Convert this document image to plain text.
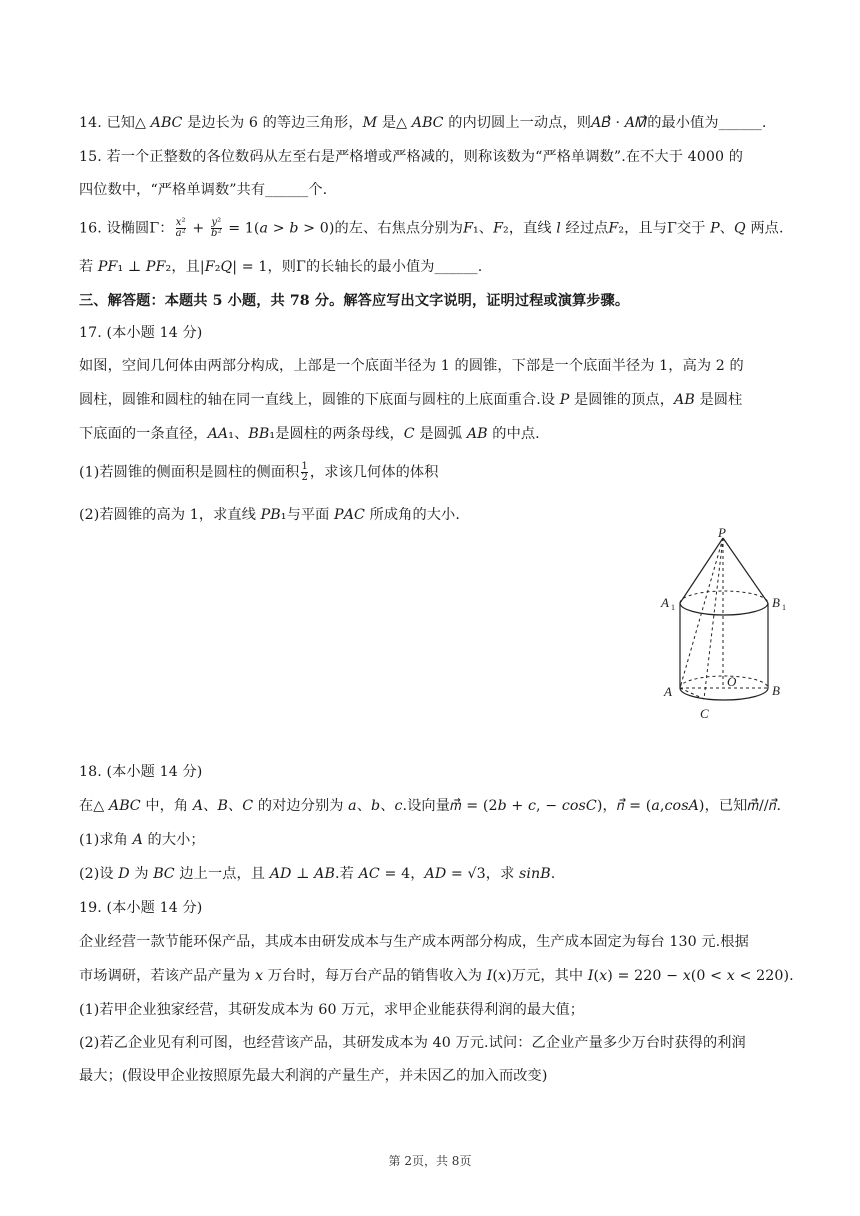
14. 已知△ 𝐴𝐵𝐶 是边长为 6 的等边三角形，𝑀 是△ 𝐴𝐵𝐶 的内切圆上一动点，则𝐴𝐵⃗ · 𝐴𝑀⃗的最小值为______.
15. 若一个正整数的各位数码从左至右是严格增或严格减的，则称该数为“严格单调数”.在不大于 4000 的
四位数中，“严格单调数”共有______个.
16. 设椭圆Γ： $\frac{\text{𝑥²}}{\text{𝑎²}} + \frac{\text{𝑦²}}{\text{𝑏²}}$ = 1(𝑎 > 𝑏 > 0)的左、右焦点分别为𝐹₁、𝐹₂，直线 𝑙 经过点𝐹₂，且与Γ交于 𝑃、𝑄 两点.
若 𝑃𝐹₁ ⊥ 𝑃𝐹₂，且|𝐹₂𝑄| = 1，则Γ的长轴长的最小值为______.
三、解答题：本题共 5 小题，共 78 分。解答应写出文字说明，证明过程或演算步骤。
17. (本小题 14 分)
如图，空间几何体由两部分构成，上部是一个底面半径为 1 的圆锥，下部是一个底面半径为 1，高为 2 的
圆柱，圆锥和圆柱的轴在同一直线上，圆锥的下底面与圆柱的上底面重合.设 𝑃 是圆锥的顶点，𝐴𝐵 是圆柱
下底面的一条直径，𝐴𝐴₁、𝐵𝐵₁是圆柱的两条母线，𝐶 是圆弧 𝐴𝐵 的中点.
(1)若圆锥的侧面积是圆柱的侧面积 $\frac{1}{2}$ ，求该几何体的体积
(2)若圆锥的高为 1，求直线 𝑃𝐵₁与平面 𝑃𝐴𝐶 所成角的大小.
P
A 1	B 1
A	B
O
C
18. (本小题 14 分)
在△ 𝐴𝐵𝐶 中，角 𝐴、𝐵、𝐶 的对边分别为 𝑎、𝑏、𝑐.设向量𝑚⃗ = (2𝑏 + 𝑐, − 𝑐𝑜𝑠𝐶)，𝑛⃗ = (𝑎,𝑐𝑜𝑠𝐴)，已知𝑚⃗//𝑛⃗.
(1)求角 𝐴 的大小；
(2)设 𝐷 为 𝐵𝐶 边上一点，且 𝐴𝐷 ⊥ 𝐴𝐵.若 𝐴𝐶 = 4，𝐴𝐷 = √3，求 𝑠𝑖𝑛𝐵.
19. (本小题 14 分)
企业经营一款节能环保产品，其成本由研发成本与生产成本两部分构成，生产成本固定为每台 130 元.根据
市场调研，若该产品产量为 𝑥 万台时，每万台产品的销售收入为 𝐼(𝑥)万元，其中 𝐼(𝑥) = 220 − 𝑥(0 < 𝑥 < 220).
(1)若甲企业独家经营，其研发成本为 60 万元，求甲企业能获得利润的最大值；
(2)若乙企业见有利可图，也经营该产品，其研发成本为 40 万元.试问：乙企业产量多少万台时获得的利润
最大；(假设甲企业按照原先最大利润的产量生产，并未因乙的加入而改变)
第 2页，共 8页
